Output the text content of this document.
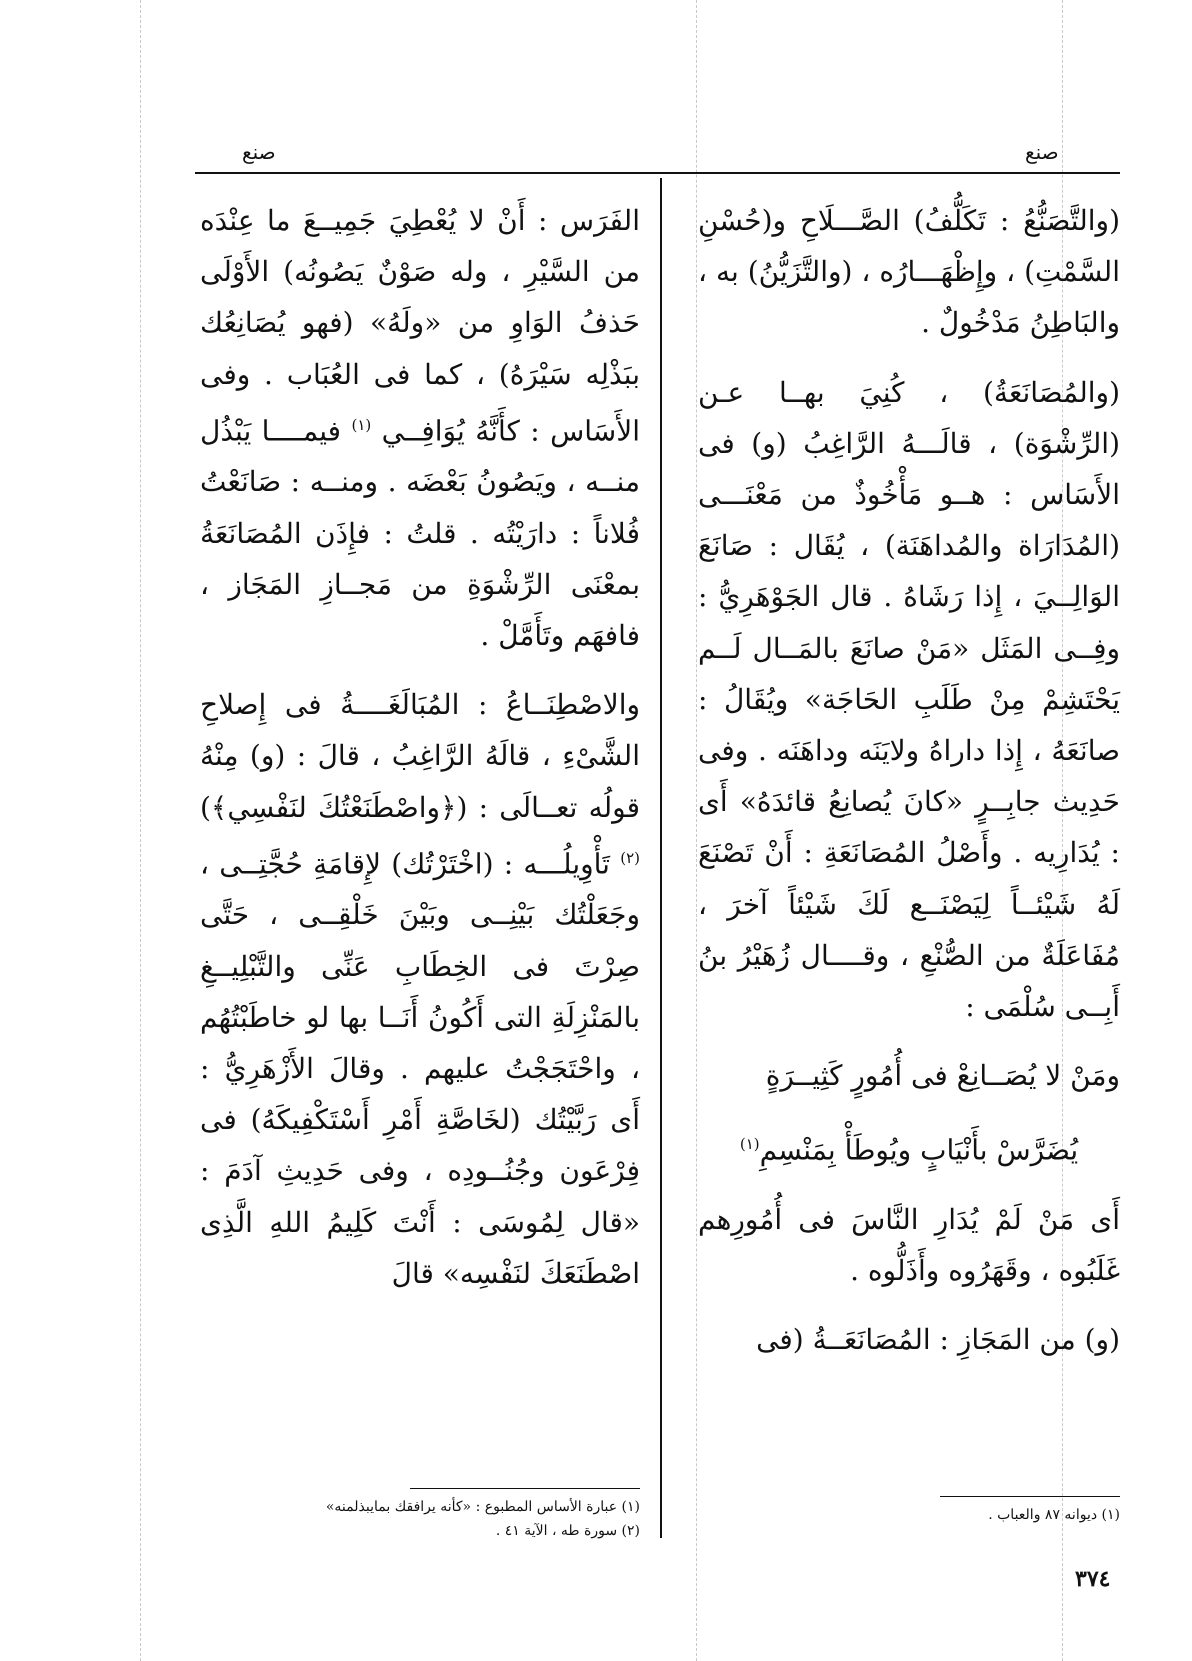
صنع	صنع

(والتَّصَنُّعُ : تَكَلُّفُ) الصَّـــلَاحِ و(حُسْنِ السَّمْتِ) ، وإِظْهَـــارُه ، (والتَّزَيُّنُ) به ، والبَاطِنُ مَدْخُولٌ .

(والمُصَانَعَةُ) ، كُنِيَ بهــا عـن (الرِّشْوَة) ، قالَـــهُ الرَّاغِبُ (و) فى الأَسَاس : هــو مَأْخُوذٌ من مَعْنَـــى (المُدَارَاة والمُداهَنَة) ، يُقَال : صَانَعَ الوَالِــيَ ، إِذا رَشَاهُ . قال الجَوْهَرِيُّ : وفِــى المَثَل «مَنْ صانَعَ بالمَــال لَــم يَحْتَشِمْ مِنْ طَلَبِ الحَاجَة» ويُقَالُ : صانَعَهُ ، إِذا داراهُ ولايَنَه وداهَنَه . وفى حَدِيث جابِــرٍ «كانَ يُصانِعُ قائدَهُ» أَى : يُدَارِيه . وأَصْلُ المُصَانَعَةِ : أَنْ تَصْنَعَ لَهُ شَيْئــاً لِيَصْنَــع لَكَ شَيْئاً آخرَ ، مُفَاعَلَةٌ من الصُّنْعِ ، وقــــال زُهَيْرُ بنُ أَبِــى سُلْمَى :

ومَنْ لا يُصَــانِعْ فى أُمُورٍ كَثِيــرَةٍ

يُضَرَّسْ بأَنْيَابٍ ويُوطَأْ بِمَنْسِمِ$^{(١)}$

أَى مَنْ لَمْ يُدَارِ النَّاسَ فى أُمُورِهم غَلَبُوه ، وقَهَرُوه وأَذَلُّوه .

(و) من المَجَازِ : المُصَانَعَــةُ (فى

الفَرَس : أَنْ لا يُعْطِيَ جَمِيــعَ ما عِنْدَه من السَّيْرِ ، وله صَوْنٌ يَصُونُه) الأَوْلَى حَذفُ الوَاوِ من «ولَهُ» (فهو يُصَانِعُك ببَذْلِه سَيْرَهُ) ، كما فى العُبَاب . وفى الأَسَاس : كأَنَّهُ يُوَافِــي $^{(١)}$ فيمــــا يَبْذُل منــه ، ويَصُونُ بَعْضَه . ومنــه : صَانَعْتُ فُلاناً : دارَيْتُه . قلتُ : فإِذَن المُصَانَعَةُ بمعْنَى الرِّشْوَةِ من مَجــازِ المَجَاز ، فافهَم وتَأَمَّلْ .

والاصْطِنَــاعُ : المُبَالَغَــــةُ فى إِصلاحِ الشَّىْءِ ، قالَهُ الرَّاغِبُ ، قالَ : (و) مِنْهُ قولُه تعــالَى : (﴿واصْطَنَعْتُكَ لنَفْسِي﴾)$^{(٢)}$ تَأْوِيلُـــه : (اخْتَرْتُك) لإِقامَةِ حُجَّتِــى ، وجَعَلْتُك بَيْنِــى وبَيْنَ خَلْقِــى ، حَتَّى صِرْتَ فى الخِطَابِ عَنِّى والتَّبْلِيــغِ بالمَنْزِلَةِ التى أَكُونُ أَنَــا بها لو خاطَبْتُهُم ، واحْتَجَجْتُ عليهم . وقالَ الأَزْهَرِيُّ : أَى رَبَّيْتُك (لخَاصَّةِ أَمْرِ أَسْتَكْفِيكَهُ) فى فِرْعَون وجُنُــودِه ، وفى حَدِيثِ آدَمَ : «قال لِمُوسَى : أَنْتَ كَلِيمُ اللهِ الَّذِى اصْطَنَعَكَ لنَفْسِه» قالَ

(١) عبارة الأساس المطبوع : «كأنه يرافقك بمايبذلمنه»
(٢) سورة طه ، الآية ٤١ .
(١) ديوانه ٨٧ والعباب .
٣٧٤
